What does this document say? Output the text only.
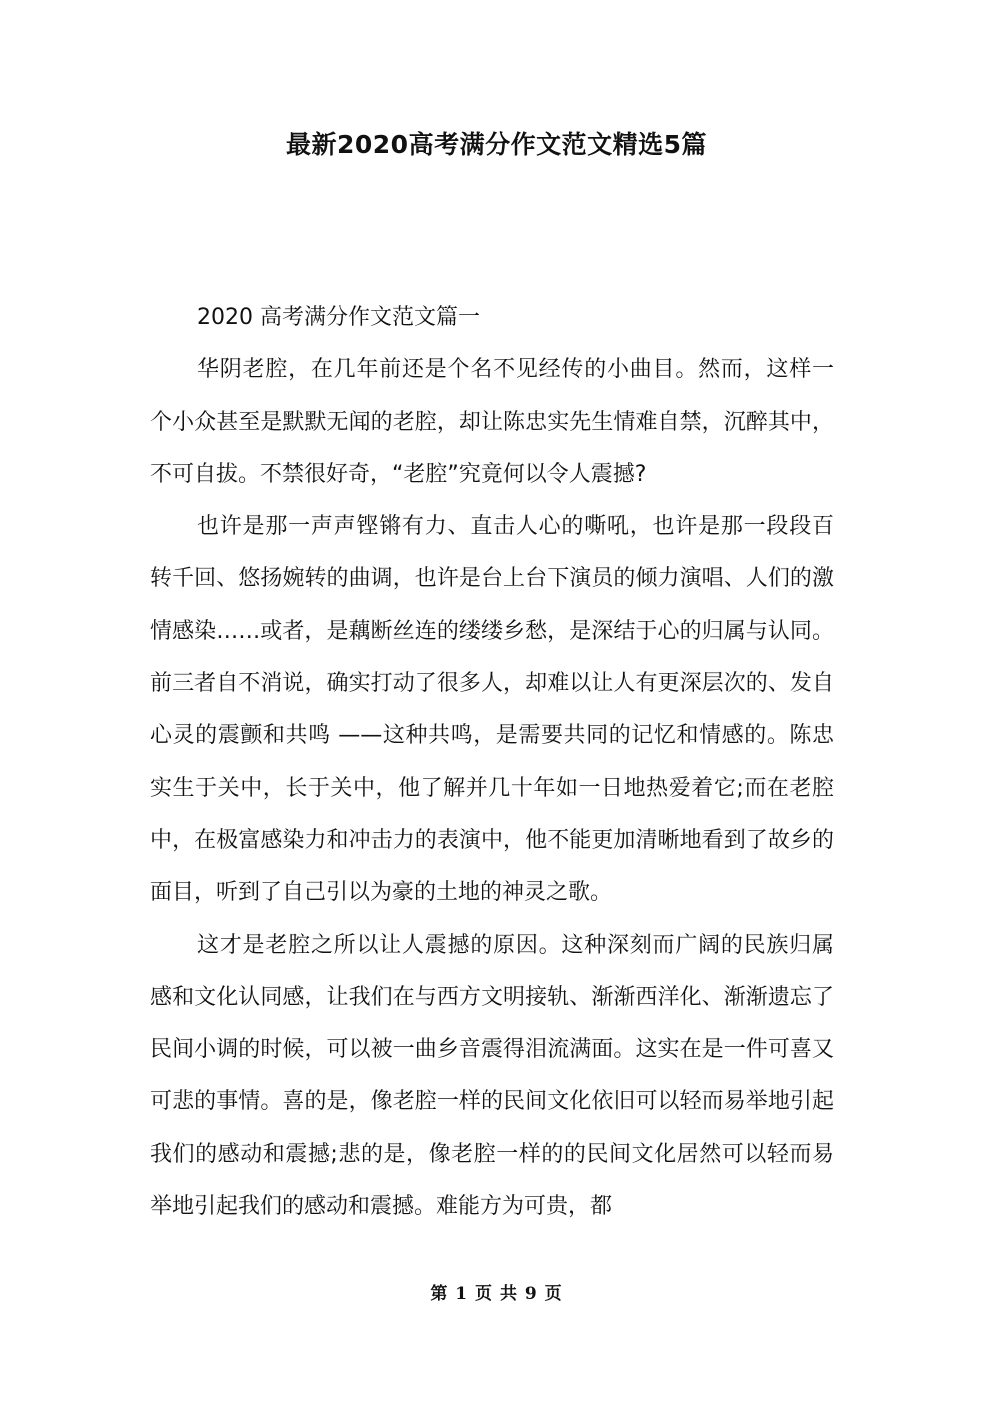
最新2020高考满分作文范文精选5篇

2020 高考满分作文范文篇一

华阴老腔，在几年前还是个名不见经传的小曲目。然而，这样一个小众甚至是默默无闻的老腔，却让陈忠实先生情难自禁，沉醉其中，不可自拔。不禁很好奇，“老腔”究竟何以令人震撼?

也许是那一声声铿锵有力、直击人心的嘶吼，也许是那一段段百转千回、悠扬婉转的曲调，也许是台上台下演员的倾力演唱、人们的激情感染……或者，是藕断丝连的缕缕乡愁，是深结于心的归属与认同。前三者自不消说，确实打动了很多人，却难以让人有更深层次的、发自心灵的震颤和共鸣 ——这种共鸣，是需要共同的记忆和情感的。陈忠实生于关中，长于关中，他了解并几十年如一日地热爱着它;而在老腔中，在极富感染力和冲击力的表演中，他不能更加清晰地看到了故乡的面目，听到了自己引以为豪的土地的神灵之歌。

这才是老腔之所以让人震撼的原因。这种深刻而广阔的民族归属感和文化认同感，让我们在与西方文明接轨、渐渐西洋化、渐渐遗忘了民间小调的时候，可以被一曲乡音震得泪流满面。这实在是一件可喜又可悲的事情。喜的是，像老腔一样的民间文化依旧可以轻而易举地引起我们的感动和震撼;悲的是，像老腔一样的的民间文化居然可以轻而易举地引起我们的感动和震撼。难能方为可贵，都

第 1 页 共 9 页
